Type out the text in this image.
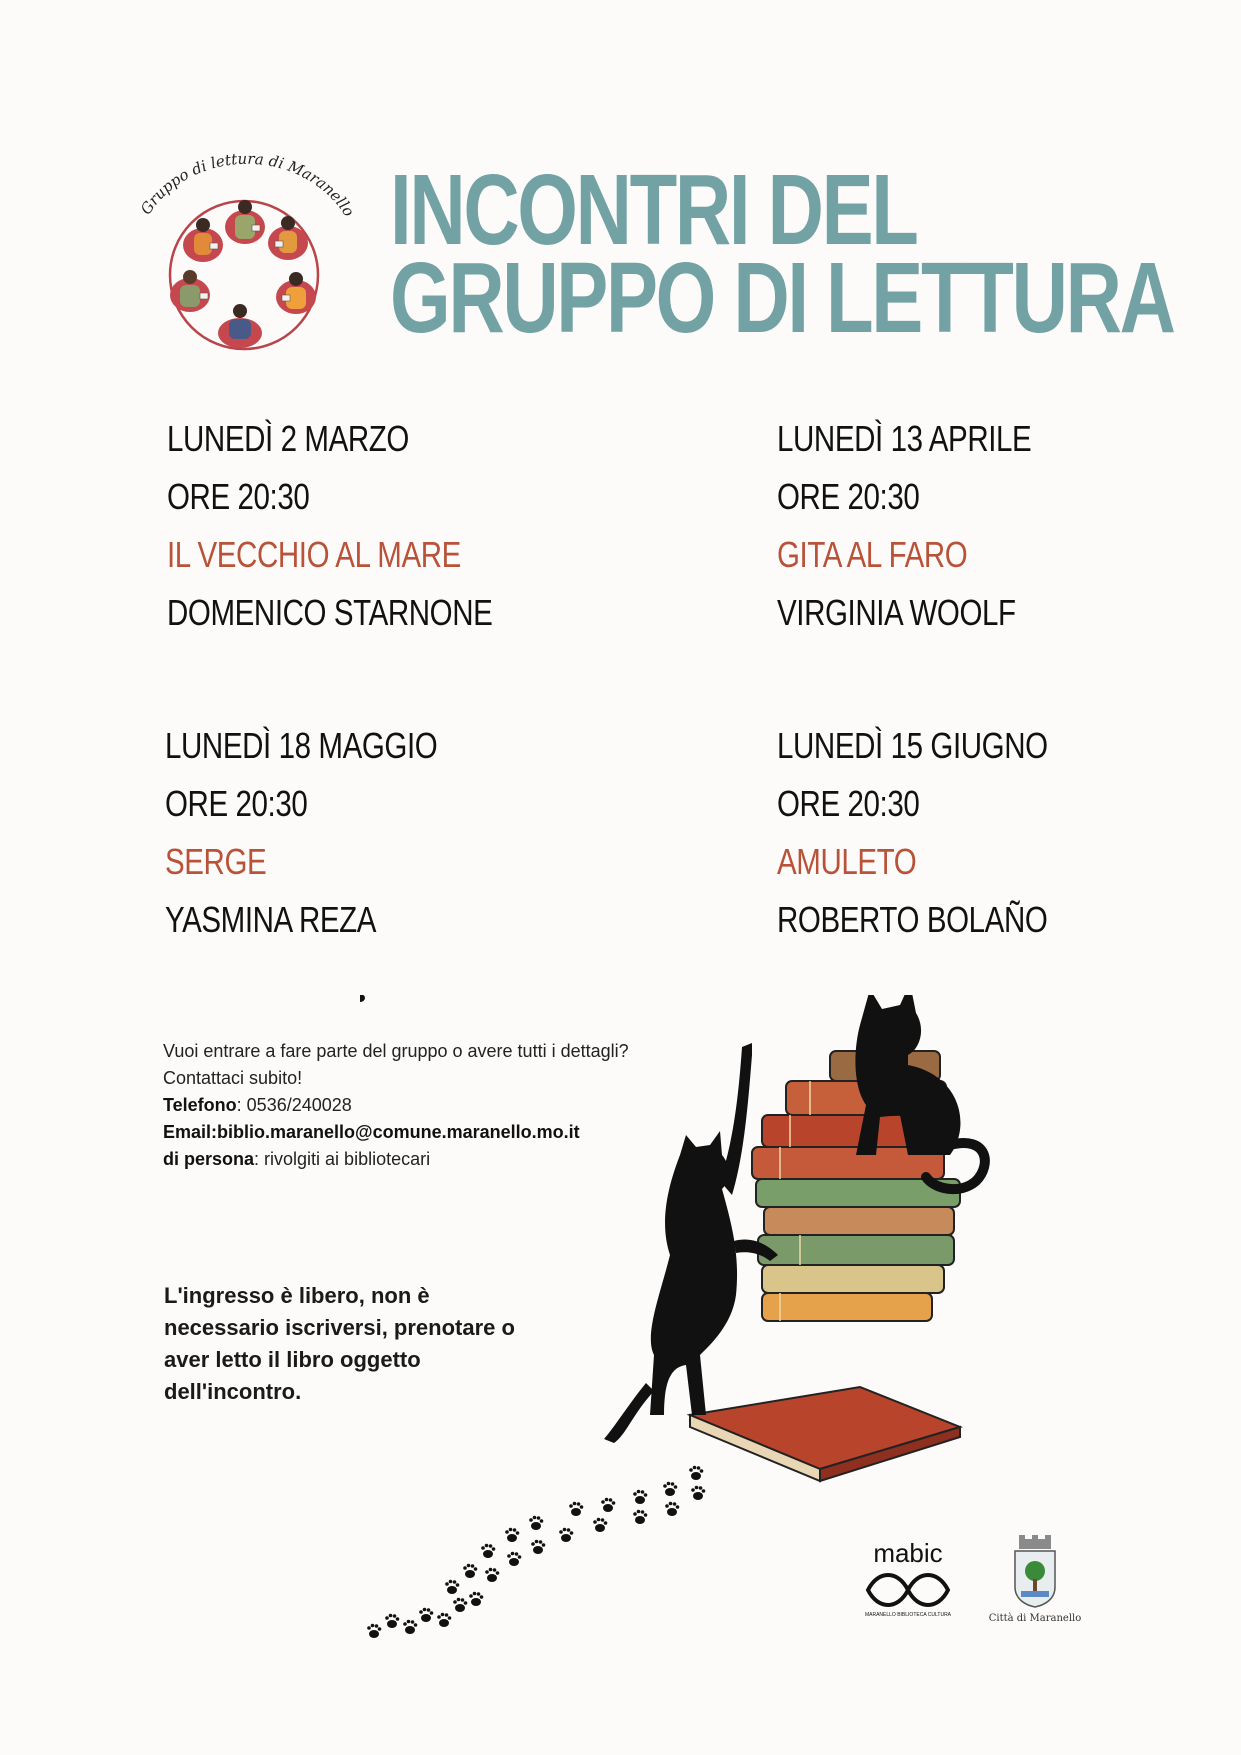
Gruppo di lettura di Maranello INCONTRI DEL
GRUPPO DI LETTURA
LUNEDÌ 2 MARZO
ORE 20:30
IL VECCHIO AL MARE
DOMENICO STARNONE
LUNEDÌ 13 APRILE
ORE 20:30
GITA AL FARO
VIRGINIA WOOLF
LUNEDÌ 18 MAGGIO
ORE 20:30
SERGE
YASMINA REZA
LUNEDÌ 15 GIUGNO
ORE 20:30
AMULETO
ROBERTO BOLAÑO
Vuoi entrare a fare parte del gruppo o avere tutti i dettagli? Contattaci subito!
Telefono: 0536/240028
Email:biblio.maranello@comune.maranello.mo.it
di persona: rivolgiti ai bibliotecari
L'ingresso è libero, non è necessario iscriversi, prenotare o aver letto il libro oggetto dell'incontro.
mabic
MARANELLO BIBLIOTECA CULTURA	Città di Maranello
